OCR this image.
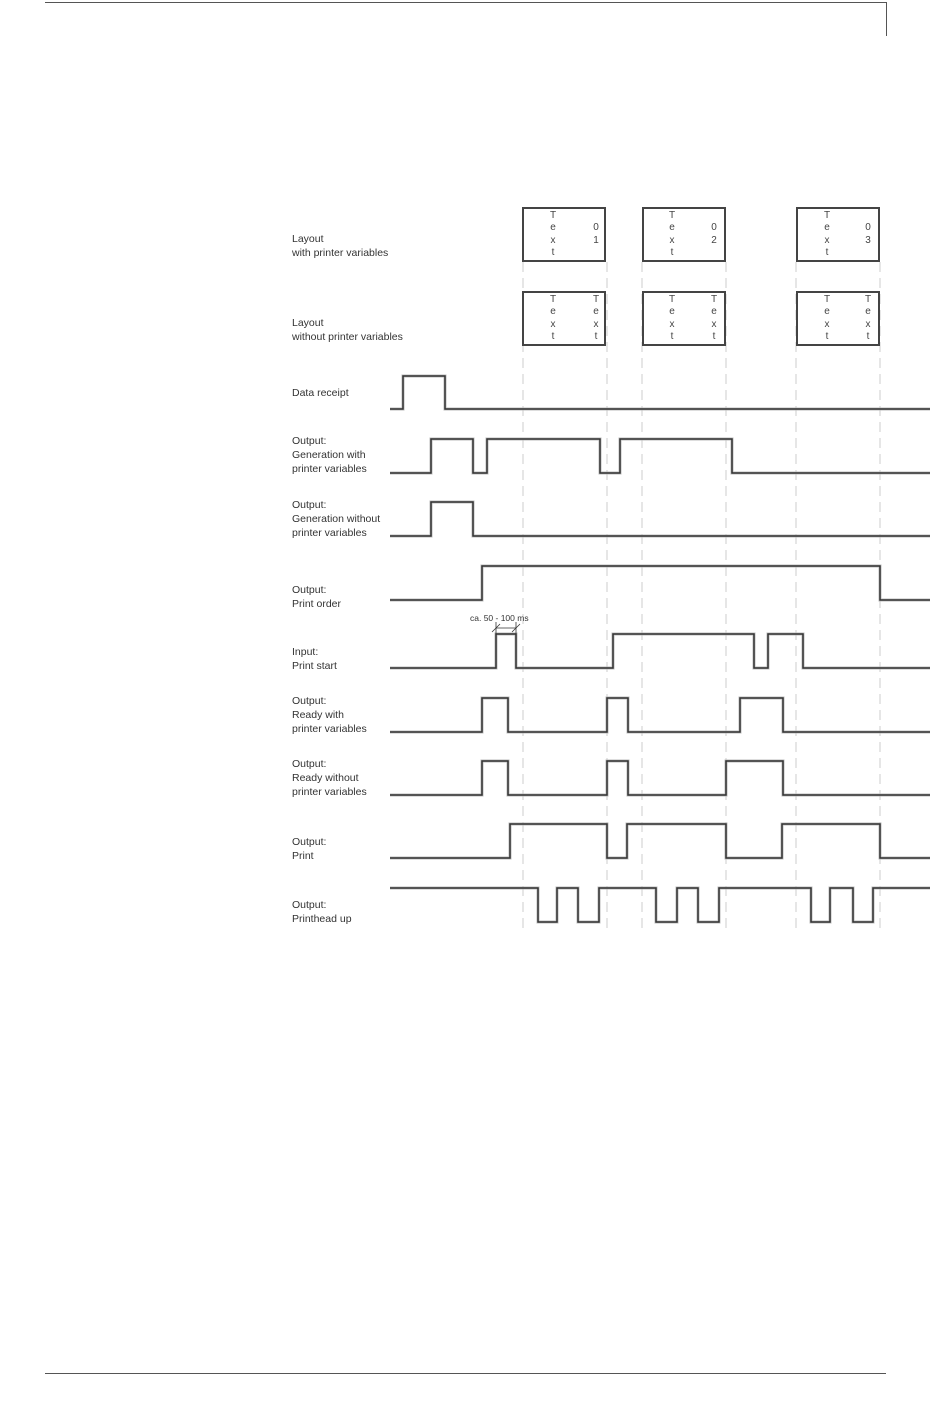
Layout
with printer variables
Layout
without printer variables
T
e
x
t

0
1

T
e
x
t

0
2

T
e
x
t

0
3

T
e
x
t
T
e
x
t
T
e
x
t
T
e
x
t
T
e
x
t
T
e
x
t
Data receipt
Output:
Generation with
printer variables
Output:
Generation without
printer variables
Output:
Print order
Input:
Print start
Output:
Ready with
printer variables
Output:
Ready without
printer variables
Output:
Print
Output:
Printhead up
ca. 50 - 100 ms
